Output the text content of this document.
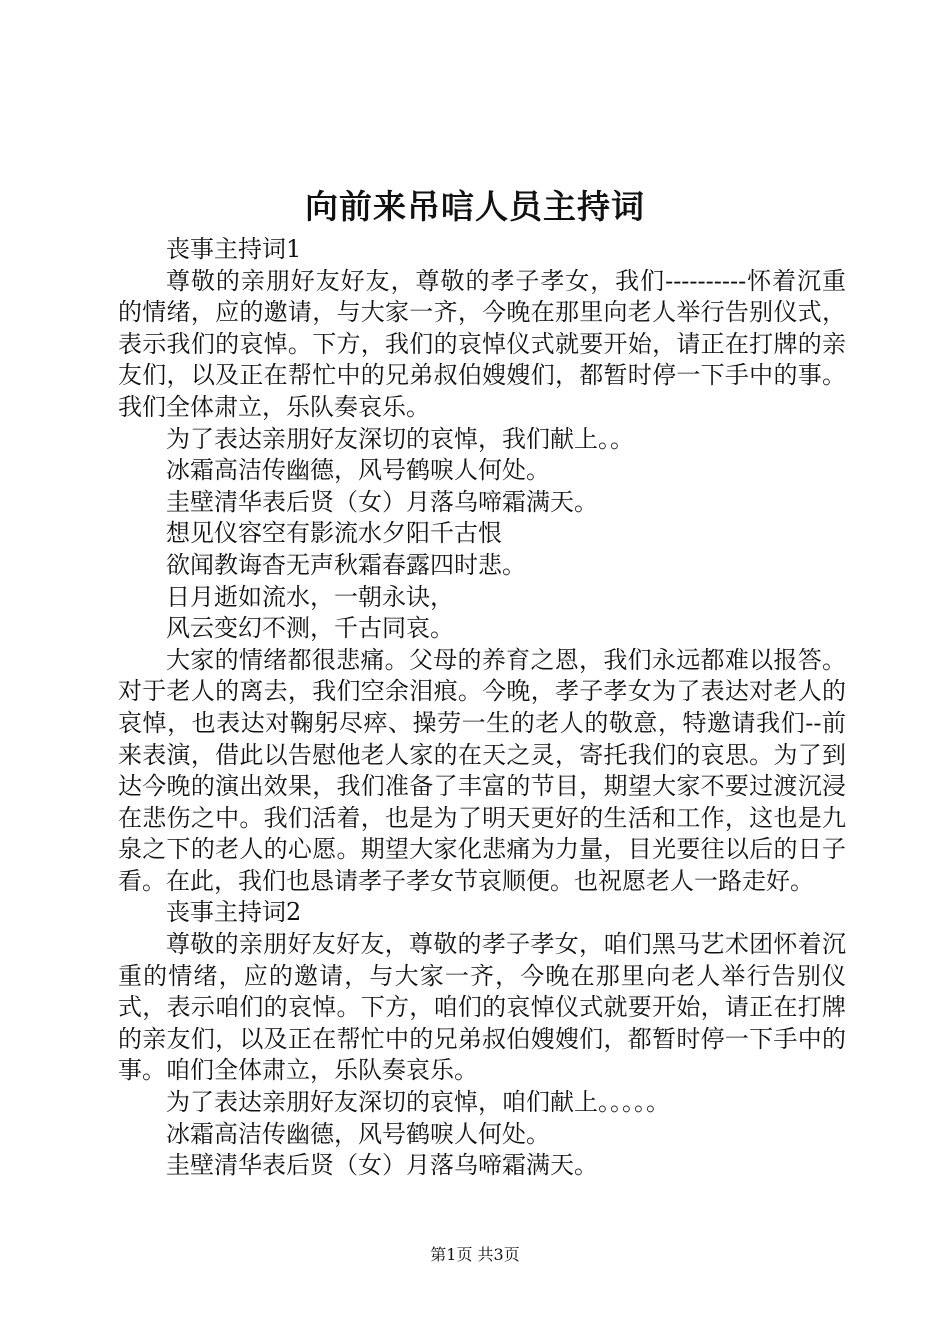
向前来吊唁人员主持词

丧事主持词1

尊敬的亲朋好友好友，尊敬的孝子孝女，我们----------怀着沉重的情绪，应的邀请，与大家一齐，今晚在那里向老人举行告别仪式，表示我们的哀悼。下方，我们的哀悼仪式就要开始，请正在打牌的亲友们，以及正在帮忙中的兄弟叔伯嫂嫂们，都暂时停一下手中的事。我们全体肃立，乐队奏哀乐。

为了表达亲朋好友深切的哀悼，我们献上。。

冰霜高洁传幽德，风号鹤唳人何处。

圭壁清华表后贤（女）月落乌啼霜满天。

想见仪容空有影流水夕阳千古恨

欲闻教诲杳无声秋霜春露四时悲。

日月逝如流水，一朝永诀，

风云变幻不测，千古同哀。

大家的情绪都很悲痛。父母的养育之恩，我们永远都难以报答。对于老人的离去，我们空余泪痕。今晚，孝子孝女为了表达对老人的哀悼，也表达对鞠躬尽瘁、操劳一生的老人的敬意，特邀请我们--前来表演，借此以告慰他老人家的在天之灵，寄托我们的哀思。为了到达今晚的演出效果，我们准备了丰富的节目，期望大家不要过渡沉浸在悲伤之中。我们活着，也是为了明天更好的生活和工作，这也是九泉之下的老人的心愿。期望大家化悲痛为力量，目光要往以后的日子看。在此，我们也恳请孝子孝女节哀顺便。也祝愿老人一路走好。

丧事主持词2

尊敬的亲朋好友好友，尊敬的孝子孝女，咱们黑马艺术团怀着沉重的情绪，应的邀请，与大家一齐，今晚在那里向老人举行告别仪式，表示咱们的哀悼。下方，咱们的哀悼仪式就要开始，请正在打牌的亲友们，以及正在帮忙中的兄弟叔伯嫂嫂们，都暂时停一下手中的事。咱们全体肃立，乐队奏哀乐。

为了表达亲朋好友深切的哀悼，咱们献上。。。。。

冰霜高洁传幽德，风号鹤唳人何处。

圭壁清华表后贤（女）月落乌啼霜满天。

第1页 共3页
